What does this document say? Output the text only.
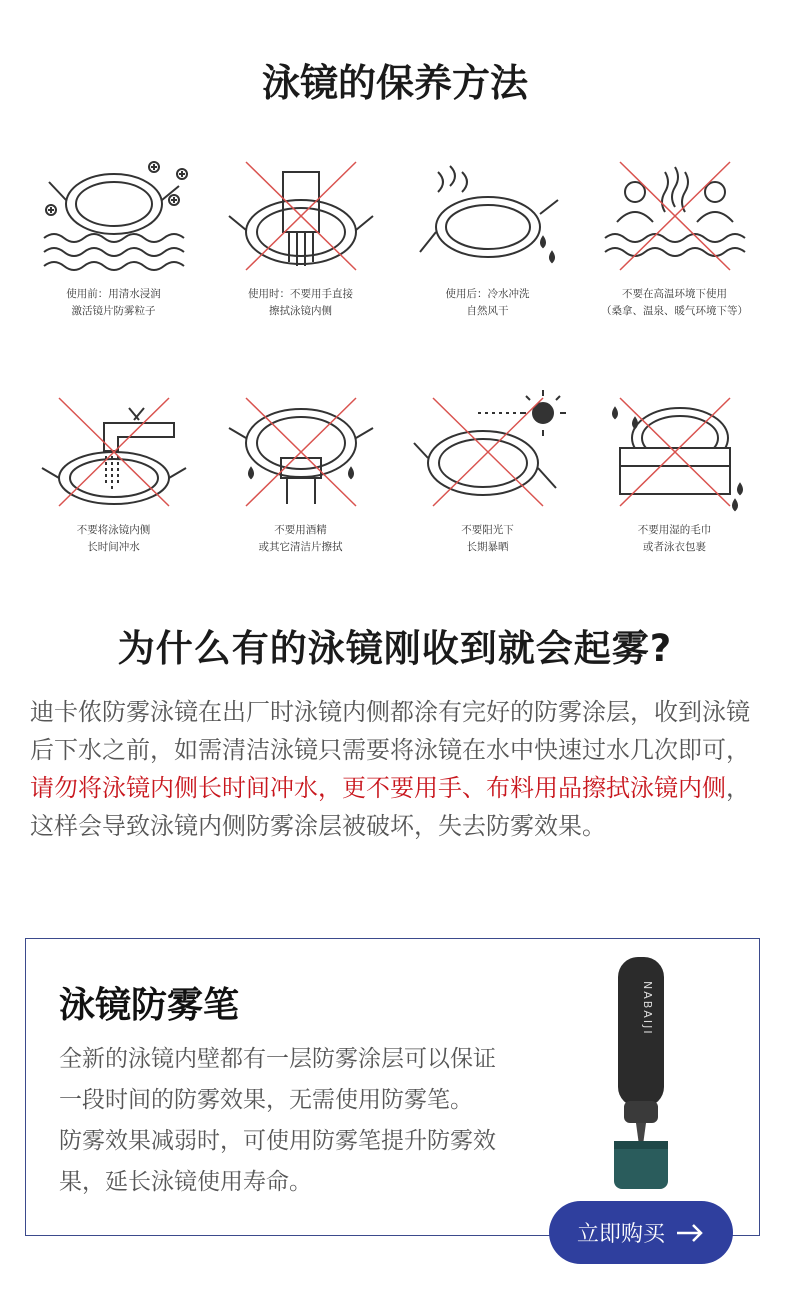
泳镜的保养方法
使用前：用清水浸润
激活镜片防雾粒子
使用时：不要用手直接
擦拭泳镜内侧
使用后：冷水冲洗
自然风干
不要在高温环境下使用
（桑拿、温泉、暖气环境下等）
不要将泳镜内侧
长时间冲水
不要用酒精
或其它清洁片擦拭
不要阳光下
长期暴晒
不要用湿的毛巾
或者泳衣包裹
为什么有的泳镜刚收到就会起雾?
迪卡侬防雾泳镜在出厂时泳镜内侧都涂有完好的防雾涂层，收到泳镜后下水之前，如需清洁泳镜只需要将泳镜在水中快速过水几次即可，请勿将泳镜内侧长时间冲水，更不要用手、布料用品擦拭泳镜内侧，这样会导致泳镜内侧防雾涂层被破坏，失去防雾效果。
泳镜防雾笔
全新的泳镜内壁都有一层防雾涂层可以保证
一段时间的防雾效果，无需使用防雾笔。
防雾效果减弱时，可使用防雾笔提升防雾效
果，延长泳镜使用寿命。
NABAIJI
立即购买
